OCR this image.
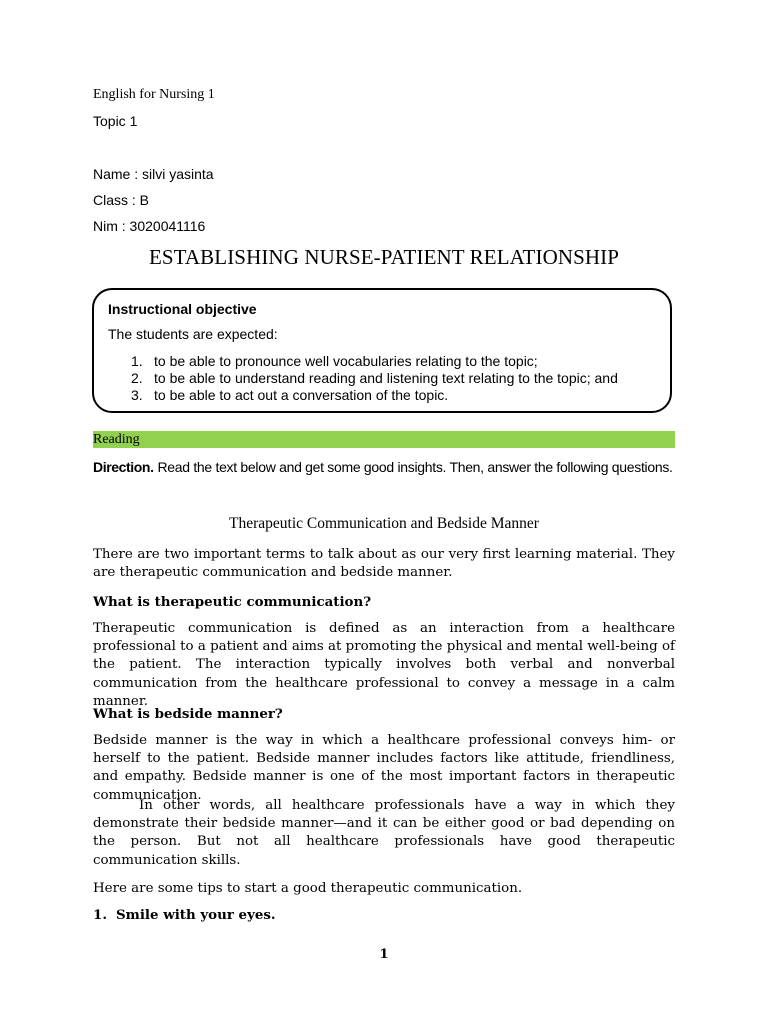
English for Nursing 1
Topic 1
Name : silvi yasinta
Class : B
Nim : 3020041116
ESTABLISHING NURSE-PATIENT RELATIONSHIP
Instructional objective
The students are expected:
1. to be able to pronounce well vocabularies relating to the topic;
2. to be able to understand reading and listening text relating to the topic; and
3. to be able to act out a conversation of the topic.
Reading
Direction. Read the text below and get some good insights. Then, answer the following questions.
Therapeutic Communication and Bedside Manner

There are two important terms to talk about as our very first learning material. They are therapeutic communication and bedside manner.

What is therapeutic communication?

Therapeutic communication is defined as an interaction from a healthcare professional to a patient and aims at promoting the physical and mental well-being of the patient. The interaction typically involves both verbal and nonverbal communication from the healthcare professional to convey a message in a calm manner.

What is bedside manner?

Bedside manner is the way in which a healthcare professional conveys him- or herself to the patient. Bedside manner includes factors like attitude, friendliness, and empathy. Bedside manner is one of the most important factors in therapeutic communication.

In other words, all healthcare professionals have a way in which they demonstrate their bedside manner—and it can be either good or bad depending on the person. But not all healthcare professionals have good therapeutic communication skills.

Here are some tips to start a good therapeutic communication.

1. Smile with your eyes.
1
